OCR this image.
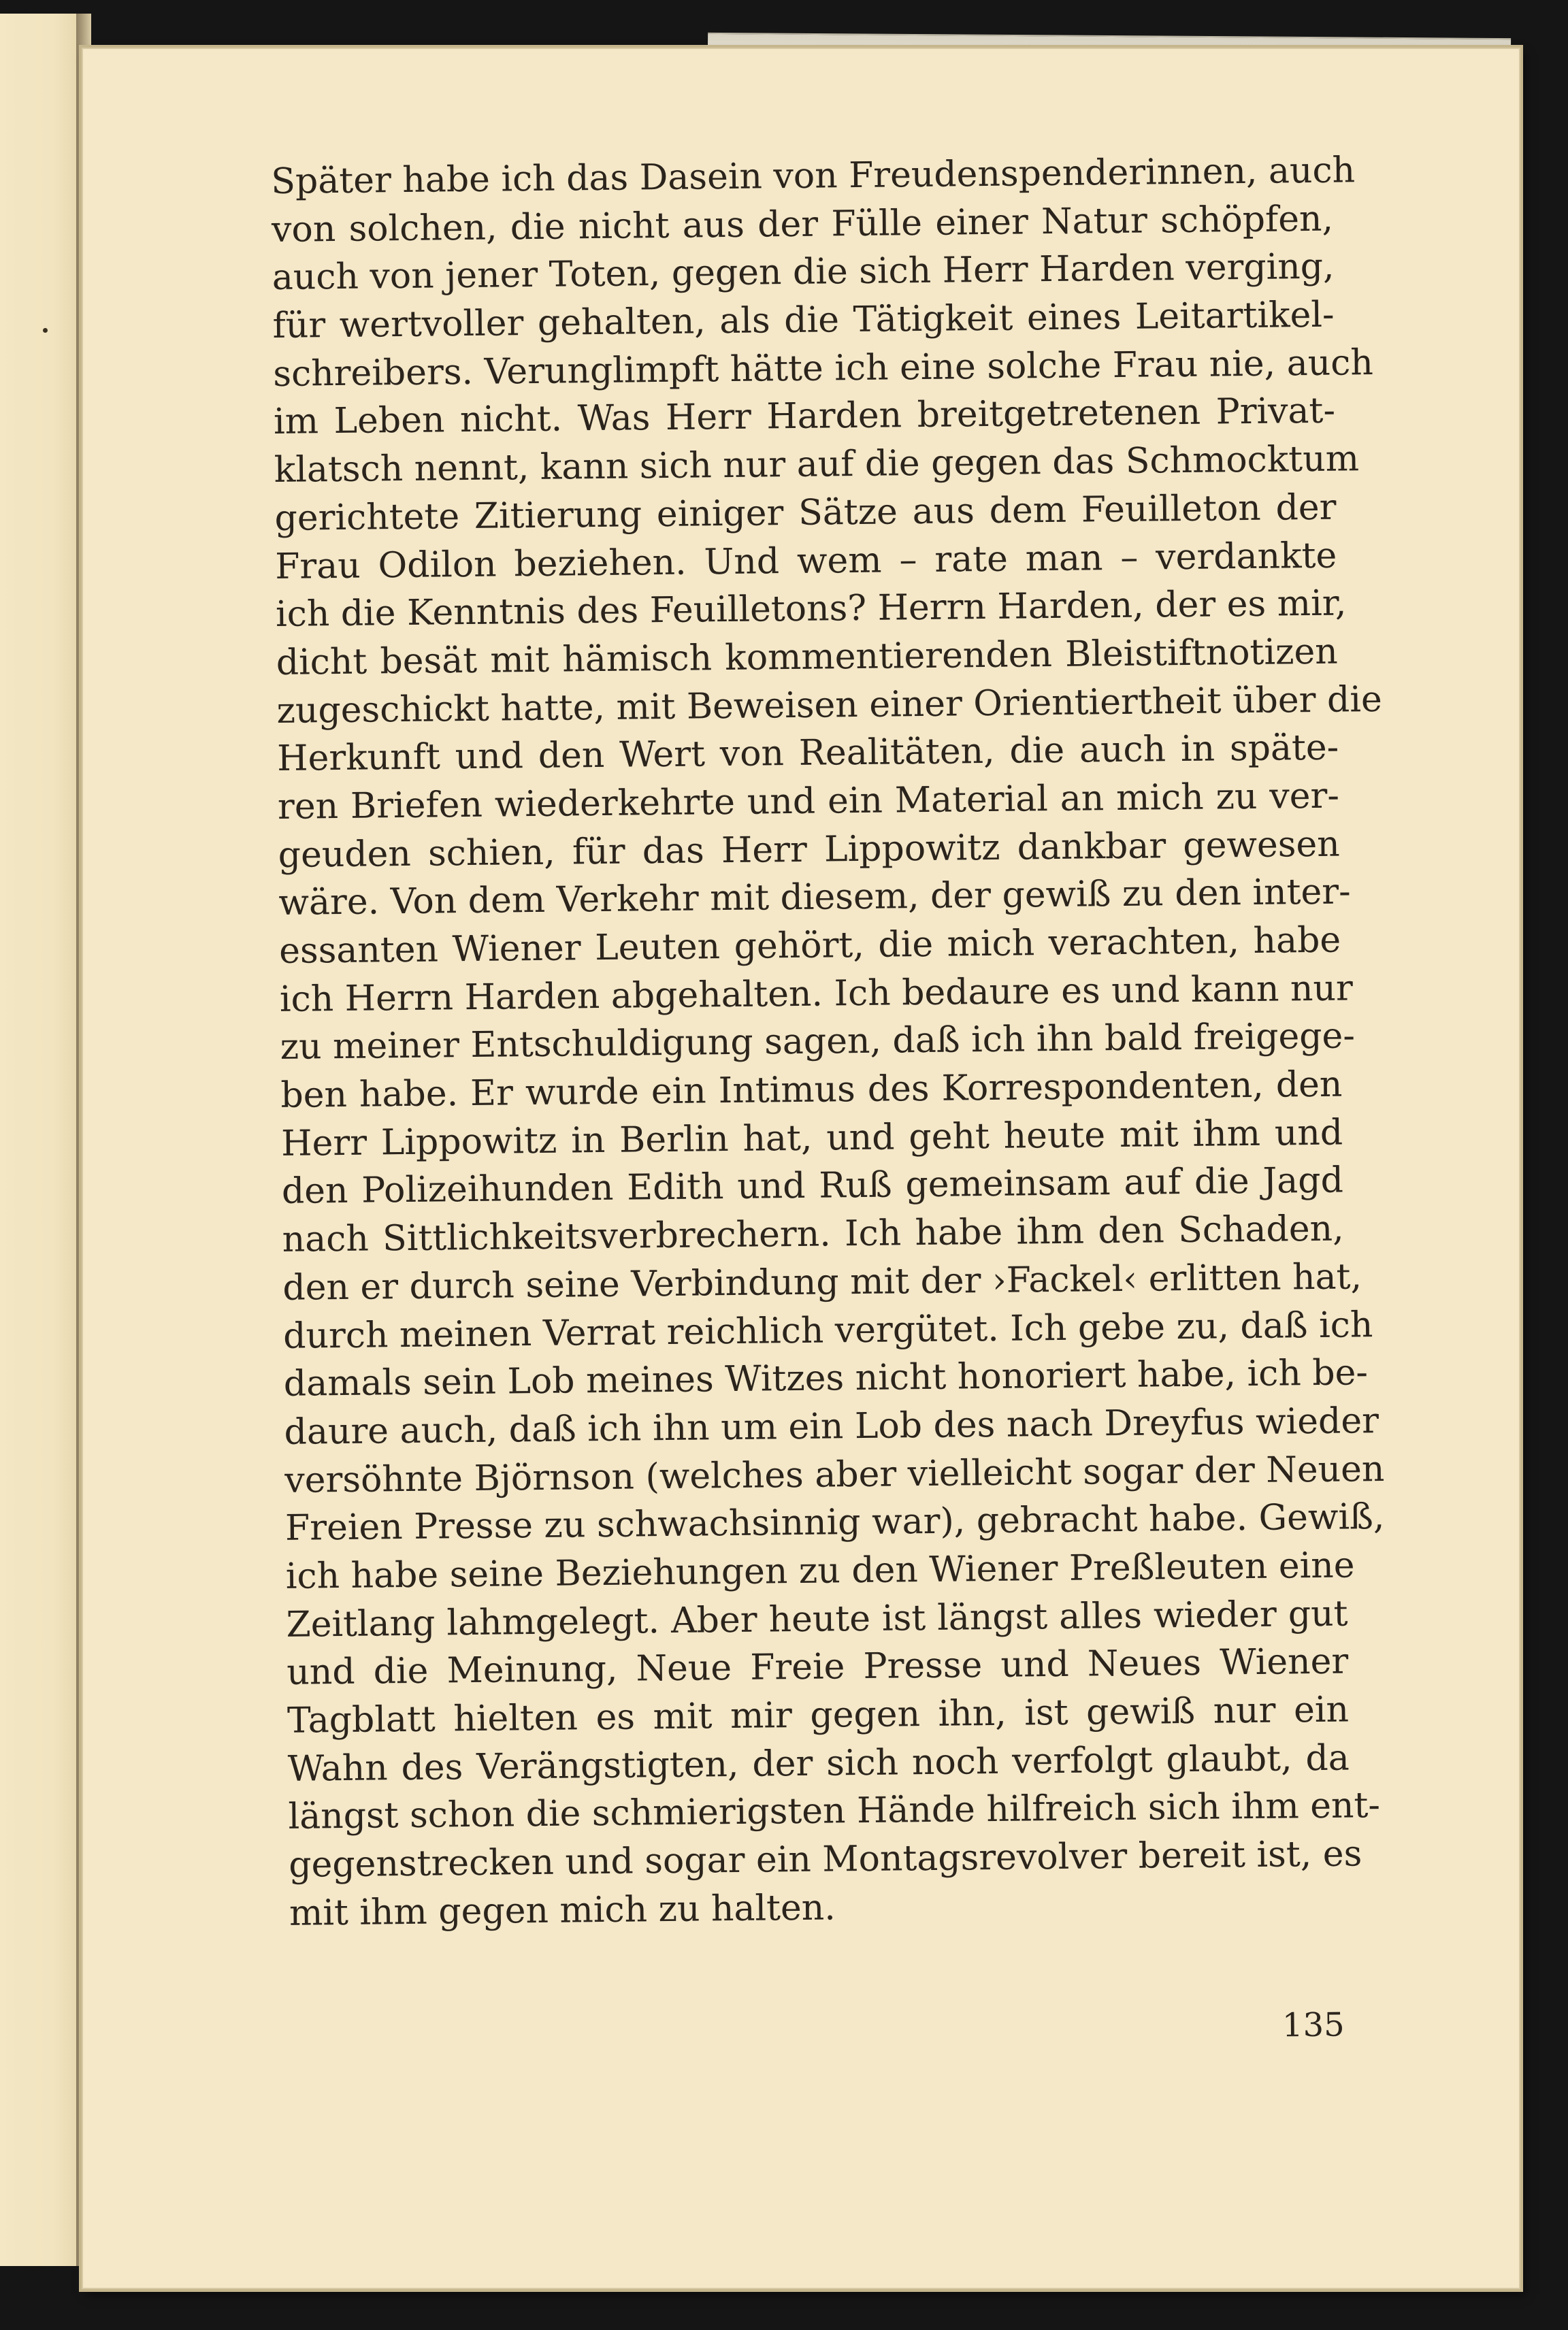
Später habe ich das Dasein von Freudenspenderinnen, auch
von solchen, die nicht aus der Fülle einer Natur schöpfen,
auch von jener Toten, gegen die sich Herr Harden verging,
für wertvoller gehalten, als die Tätigkeit eines Leitartikel-
schreibers. Verunglimpft hätte ich eine solche Frau nie, auch
im Leben nicht. Was Herr Harden breitgetretenen Privat-
klatsch nennt, kann sich nur auf die gegen das Schmocktum
gerichtete Zitierung einiger Sätze aus dem Feuilleton der
Frau Odilon beziehen. Und wem – rate man – verdankte
ich die Kenntnis des Feuilletons? Herrn Harden, der es mir,
dicht besät mit hämisch kommentierenden Bleistiftnotizen
zugeschickt hatte, mit Beweisen einer Orientiertheit über die
Herkunft und den Wert von Realitäten, die auch in späte-
ren Briefen wiederkehrte und ein Material an mich zu ver-
geuden schien, für das Herr Lippowitz dankbar gewesen
wäre. Von dem Verkehr mit diesem, der gewiß zu den inter-
essanten Wiener Leuten gehört, die mich verachten, habe
ich Herrn Harden abgehalten. Ich bedaure es und kann nur
zu meiner Entschuldigung sagen, daß ich ihn bald freigege-
ben habe. Er wurde ein Intimus des Korrespondenten, den
Herr Lippowitz in Berlin hat, und geht heute mit ihm und
den Polizeihunden Edith und Ruß gemeinsam auf die Jagd
nach Sittlichkeitsverbrechern. Ich habe ihm den Schaden,
den er durch seine Verbindung mit der ›Fackel‹ erlitten hat,
durch meinen Verrat reichlich vergütet. Ich gebe zu, daß ich
damals sein Lob meines Witzes nicht honoriert habe, ich be-
daure auch, daß ich ihn um ein Lob des nach Dreyfus wieder
versöhnte Björnson (welches aber vielleicht sogar der Neuen
Freien Presse zu schwachsinnig war), gebracht habe. Gewiß,
ich habe seine Beziehungen zu den Wiener Preßleuten eine
Zeitlang lahmgelegt. Aber heute ist längst alles wieder gut
und die Meinung, Neue Freie Presse und Neues Wiener
Tagblatt hielten es mit mir gegen ihn, ist gewiß nur ein
Wahn des Verängstigten, der sich noch verfolgt glaubt, da
längst schon die schmierigsten Hände hilfreich sich ihm ent-
gegenstrecken und sogar ein Montagsrevolver bereit ist, es
mit ihm gegen mich zu halten.
135
